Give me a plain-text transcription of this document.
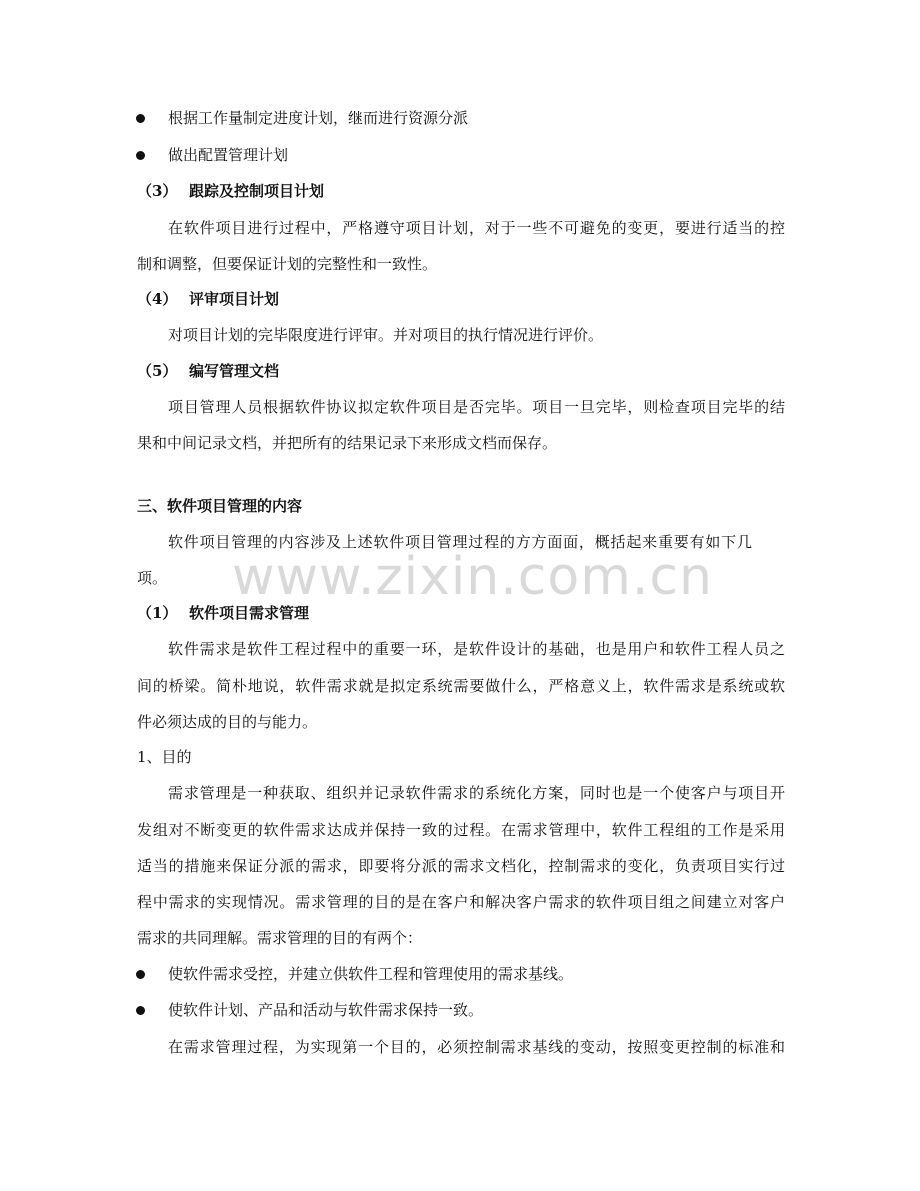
根据工作量制定进度计划，继而进行资源分派
做出配置管理计划
（3） 跟踪及控制项目计划
在软件项目进行过程中，严格遵守项目计划，对于一些不可避免的变更，要进行适当的控
制和调整，但要保证计划的完整性和一致性。
（4） 评审项目计划
对项目计划的完毕限度进行评审。并对项目的执行情况进行评价。
（5） 编写管理文档
项目管理人员根据软件协议拟定软件项目是否完毕。项目一旦完毕，则检查项目完毕的结
果和中间记录文档，并把所有的结果记录下来形成文档而保存。
三、软件项目管理的内容
软件项目管理的内容涉及上述软件项目管理过程的方方面面，概括起来重要有如下几
项。
（1） 软件项目需求管理
软件需求是软件工程过程中的重要一环，是软件设计的基础，也是用户和软件工程人员之
间的桥梁。简朴地说，软件需求就是拟定系统需要做什么，严格意义上，软件需求是系统或软
件必须达成的目的与能力。
1、目的
需求管理是一种获取、组织并记录软件需求的系统化方案，同时也是一个使客户与项目开
发组对不断变更的软件需求达成并保持一致的过程。在需求管理中，软件工程组的工作是采用
适当的措施来保证分派的需求，即要将分派的需求文档化，控制需求的变化，负责项目实行过
程中需求的实现情况。需求管理的目的是在客户和解决客户需求的软件项目组之间建立对客户
需求的共同理解。需求管理的目的有两个：
使软件需求受控，并建立供软件工程和管理使用的需求基线。
使软件计划、产品和活动与软件需求保持一致。
在需求管理过程，为实现第一个目的，必须控制需求基线的变动，按照变更控制的标准和
www.zixin.com.cn
